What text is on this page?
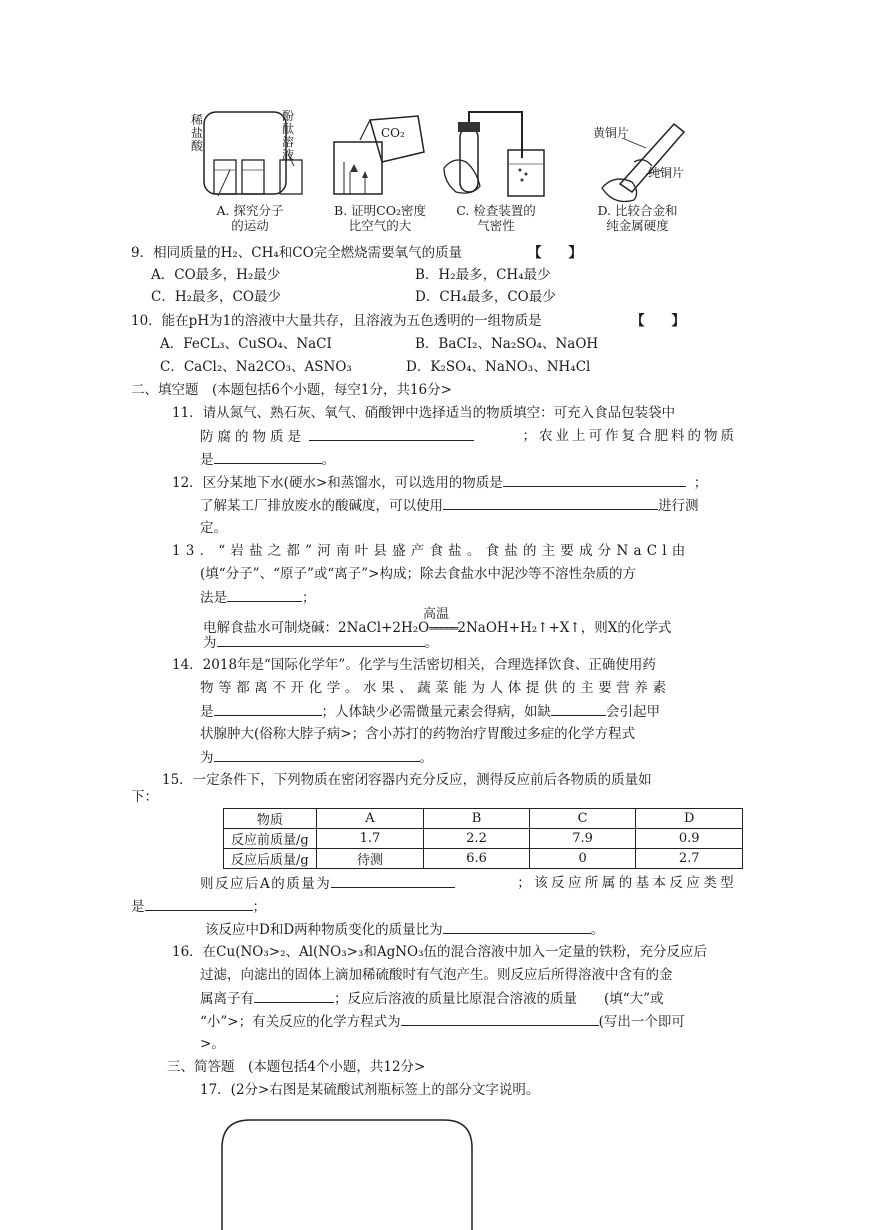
稀盐酸
酚酞溶液
A. 探究分子
的运动
CO₂
B. 证明CO₂密度
比空气的大
C. 检查装置的
气密性
黄铜片
纯铜片
D. 比较合金和
纯金属硬度
9．相同质量的H₂、CH₄和CO完全燃烧需要氧气的质量	【　　】
A．CO最多，H₂最少	B．H₂最多，CH₄最少
C．H₂最多，CO最少	D．CH₄最多，CO最少
10．能在pH为1的溶液中大量共存，且溶液为五色透明的一组物质是	【　　】
A．FeCL₃、CuSO₄、NaCI	B．BaCI₂、Na₂SO₄、NaOH
C．CaCl₂、Na2CO₃、ASNO₃	D．K₂SO₄、NaNO₃、NH₄Cl
二、填空题　(本题包括6个小题，每空1分，共16分>
11．请从氮气、熟石灰、氧气、硝酸钾中选择适当的物质填空：可充入食品包装袋中
防腐的物质是	；农业上可作复合肥料的物质
是	。
12．区分某地下水(硬水>和蒸馏水，可以选用的物质是	；
了解某工厂排放废水的酸碱度，可以使用	进行测
定。
13．“岩盐之都”河南叶县盛产食盐。食盐的主要成分NaCl由
(填“分子”、“原子”或“离子”>构成；除去食盐水中泥沙等不溶性杂质的方
法是	；
高温
电解食盐水可制烧碱：2NaCl+2H₂O═════2NaOH+H₂↑+X↑，则X的化学式
为	。
14．2018年是“国际化学年”。化学与生活密切相关，合理选择饮食、正确使用药
物等都离不开化学。水果、蔬菜能为人体提供的主要营养素
是	；人体缺少必需微量元素会得病，如缺	会引起甲
状腺肿大(俗称大脖子病>；含小苏打的药物治疗胃酸过多症的化学方程式
为	。
15．一定条件下，下列物质在密闭容器内充分反应，测得反应前后各物质的质量如
下：
物质	A	B	C	D
反应前质量/g	1.7	2.2	7.9	0.9
反应后质量/g	待测	6.6	0	2.7
则反应后A的质量为	；该反应所属的基本反应类型
是	；
该反应中D和D两种物质变化的质量比为	。
16．在Cu(NO₃>₂、Al(NO₃>₃和AgNO₃伍的混合溶液中加入一定量的铁粉，充分反应后
过滤，向滤出的固体上滴加稀硫酸时有气泡产生。则反应后所得溶液中含有的金
属离子有	；反应后溶液的质量比原混合溶液的质量　　(填“大”或
“小”>；有关反应的化学方程式为	(写出一个即可
>。
三、简答题　(本题包括4个小题，共12分>
17．(2分>右图是某硫酸试剂瓶标签上的部分文字说明。
